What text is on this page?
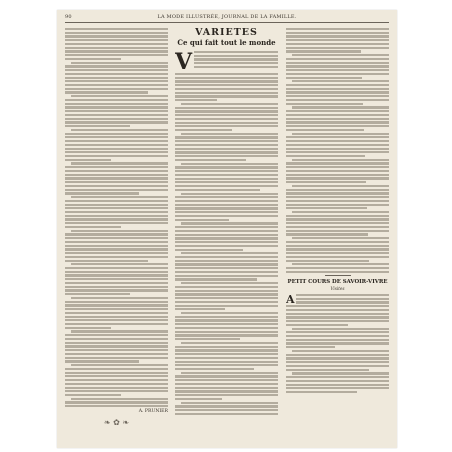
90	LA MODE ILLUSTRÉE, JOURNAL DE LA FAMILLE.
A. PRUNIER
❧ ✿ ❧
VARIÉTÉS
Ce qui fait tout le monde
V
PETIT COURS DE SAVOIR-VIVRE
Visites
A
